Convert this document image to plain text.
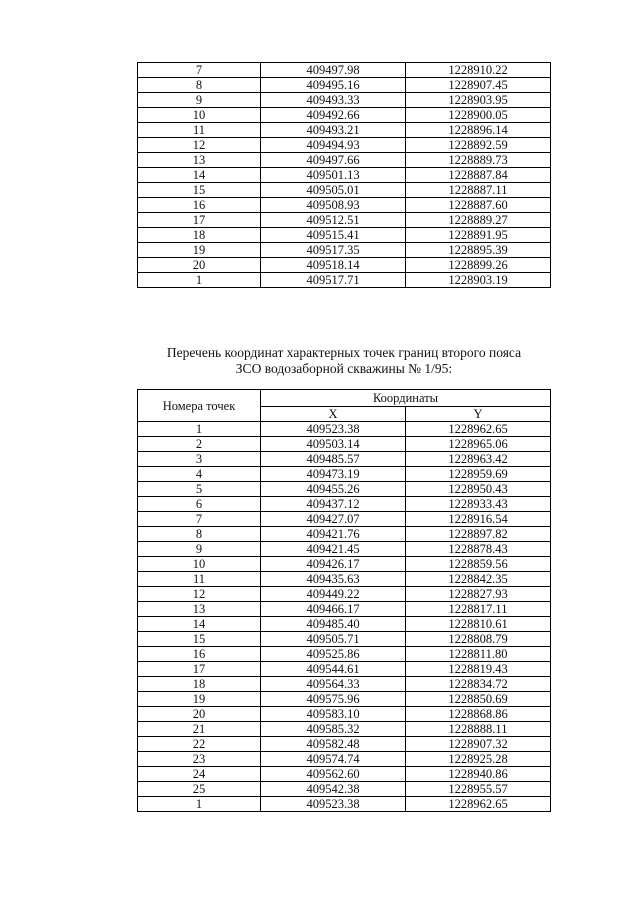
7	409497.98	1228910.22
8	409495.16	1228907.45
9	409493.33	1228903.95
10	409492.66	1228900.05
11	409493.21	1228896.14
12	409494.93	1228892.59
13	409497.66	1228889.73
14	409501.13	1228887.84
15	409505.01	1228887.11
16	409508.93	1228887.60
17	409512.51	1228889.27
18	409515.41	1228891.95
19	409517.35	1228895.39
20	409518.14	1228899.26
1	409517.71	1228903.19
Перечень координат характерных точек границ второго пояса
ЗСО водозаборной скважины № 1/95:
Номера точек	Координаты	
	X	Y
1	409523.38	1228962.65
2	409503.14	1228965.06
3	409485.57	1228963.42
4	409473.19	1228959.69
5	409455.26	1228950.43
6	409437.12	1228933.43
7	409427.07	1228916.54
8	409421.76	1228897.82
9	409421.45	1228878.43
10	409426.17	1228859.56
11	409435.63	1228842.35
12	409449.22	1228827.93
13	409466.17	1228817.11
14	409485.40	1228810.61
15	409505.71	1228808.79
16	409525.86	1228811.80
17	409544.61	1228819.43
18	409564.33	1228834.72
19	409575.96	1228850.69
20	409583.10	1228868.86
21	409585.32	1228888.11
22	409582.48	1228907.32
23	409574.74	1228925.28
24	409562.60	1228940.86
25	409542.38	1228955.57
1	409523.38	1228962.65
